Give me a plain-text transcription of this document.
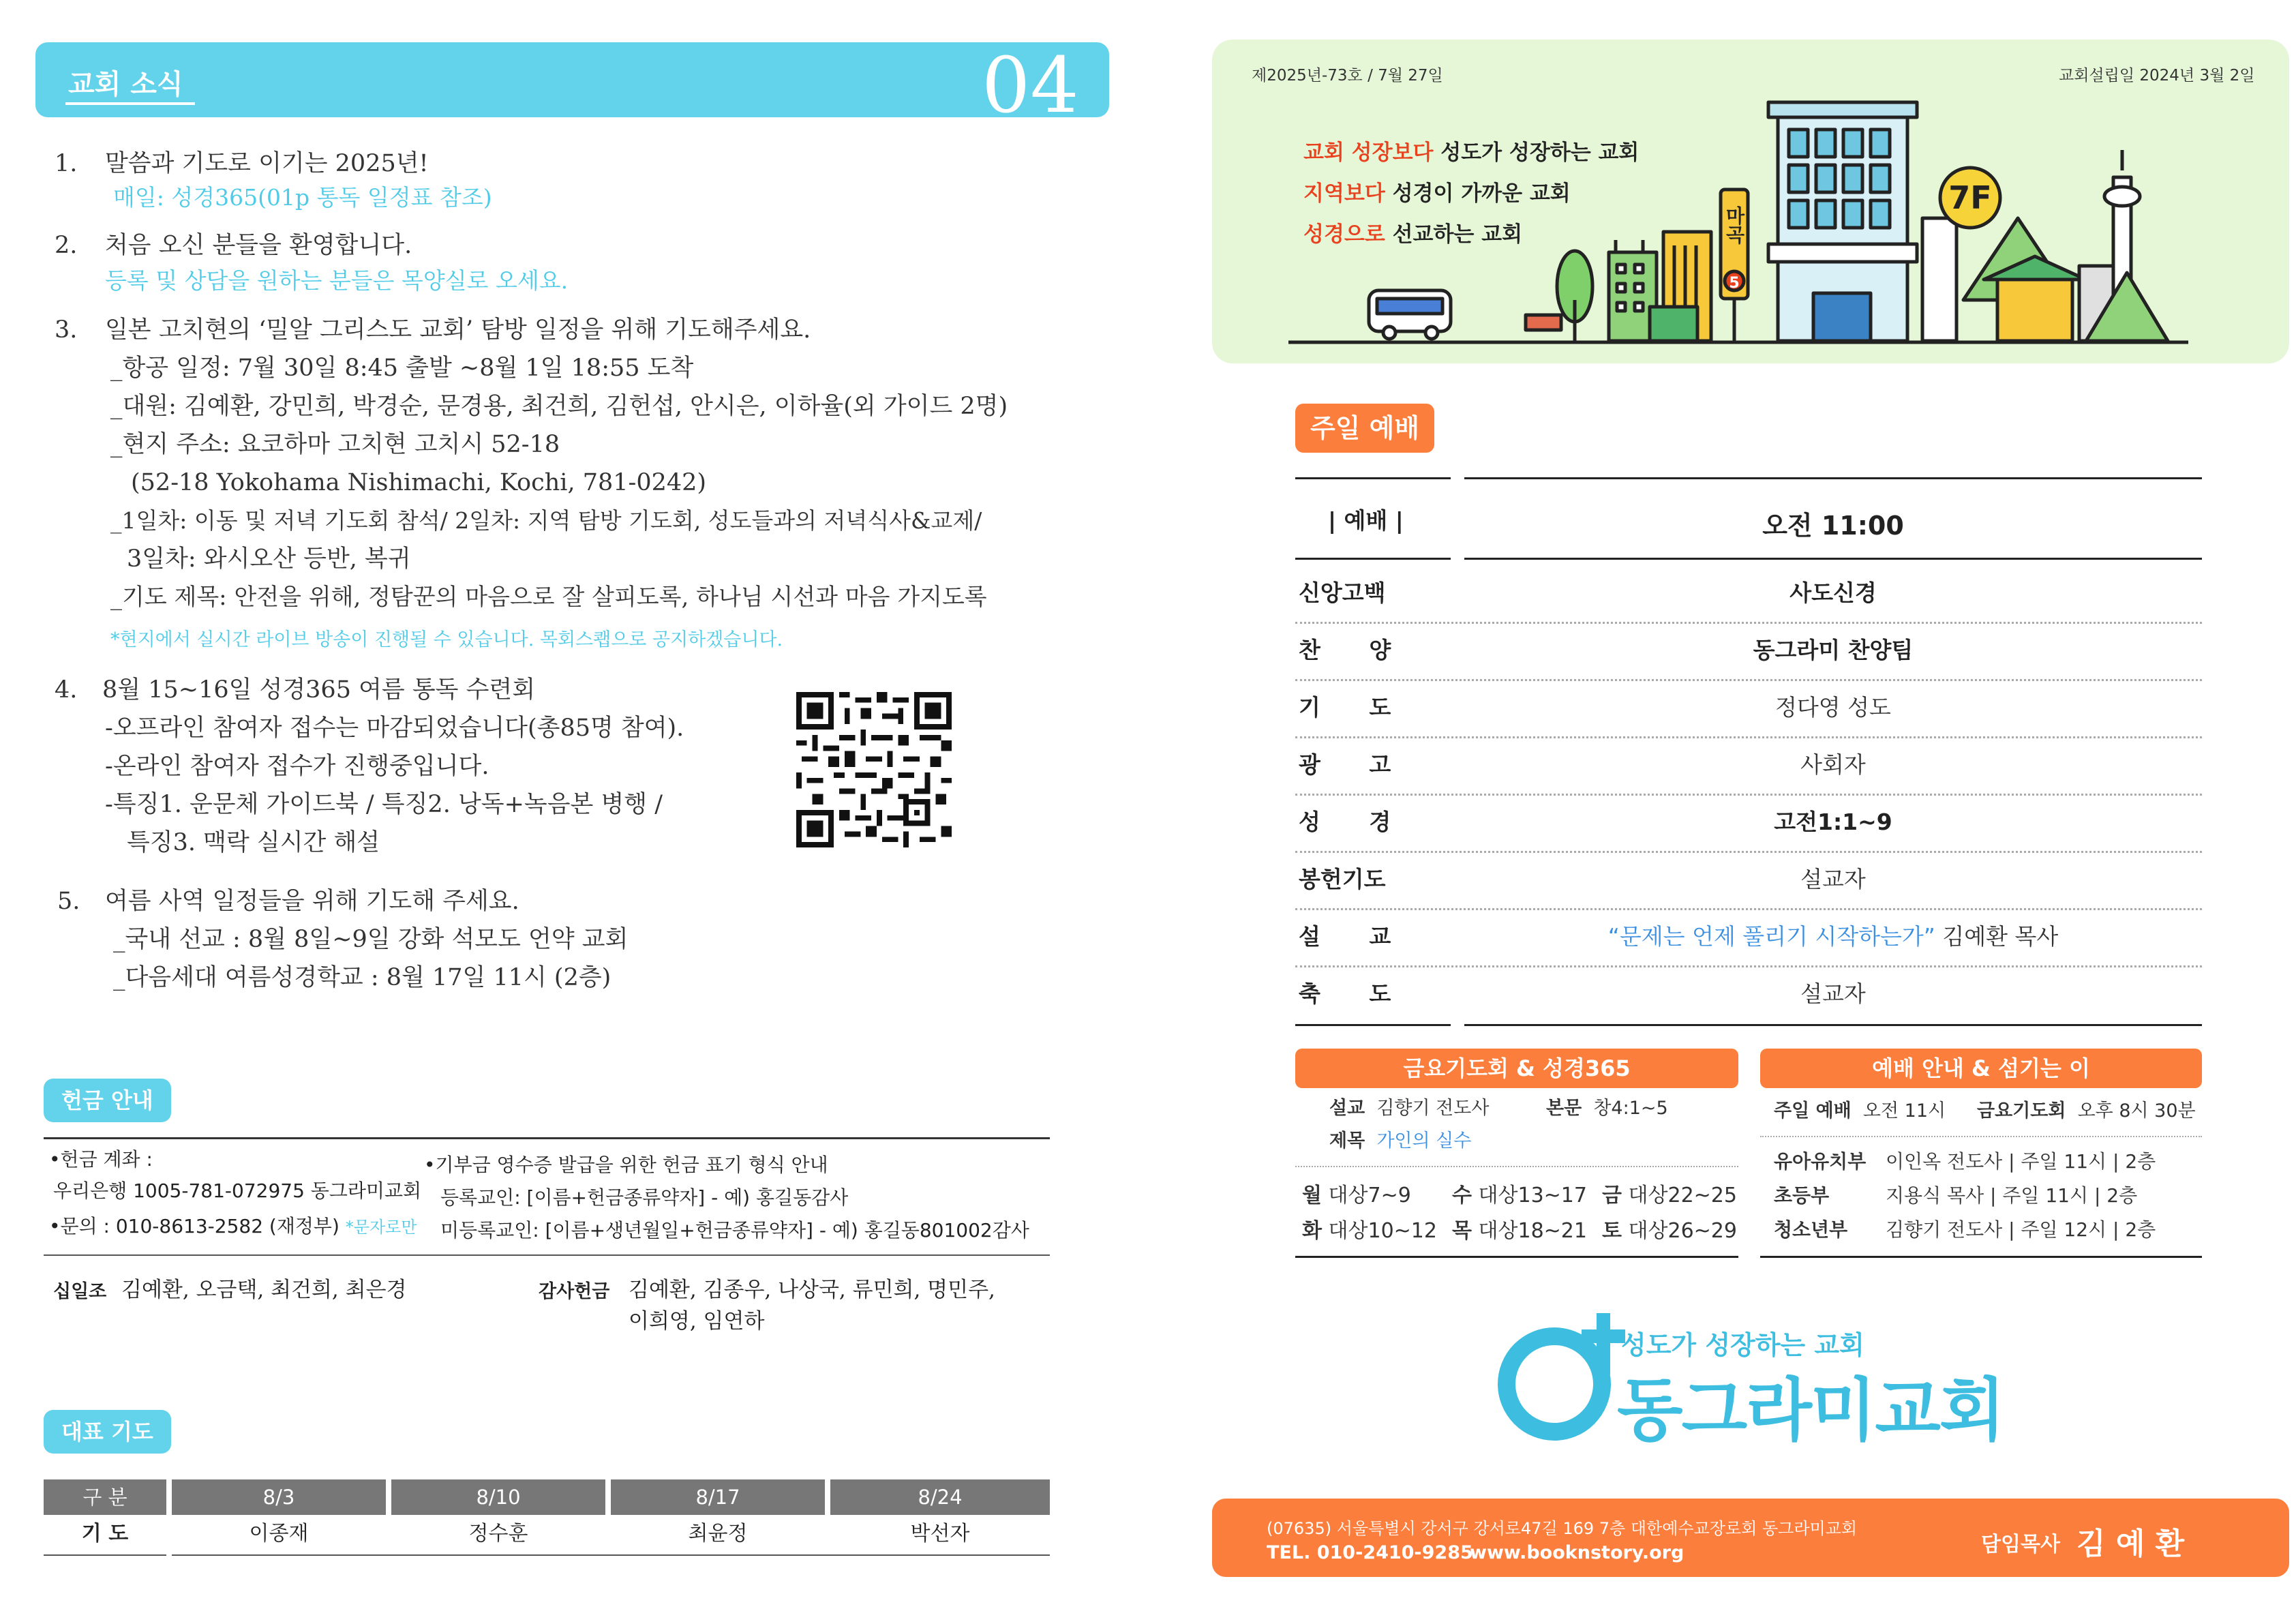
교회 소식	04
1. 말씀과 기도로 이기는 2025년!
매일: 성경365(01p 통독 일정표 참조)
2. 처음 오신 분들을 환영합니다.
등록 및 상담을 원하는 분들은 목양실로 오세요.
3. 일본 고치현의 ‘밀알 그리스도 교회’ 탐방 일정을 위해 기도해주세요.
_항공 일정: 7월 30일 8:45 출발 ~8월 1일 18:55 도착
_대원: 김예환, 강민희, 박경순, 문경용, 최건희, 김헌섭, 안시은, 이하율(외 가이드 2명)
_현지 주소: 요코하마 고치현 고치시 52-18
(52-18 Yokohama Nishimachi, Kochi, 781-0242)
_1일차: 이동 및 저녁 기도회 참석/ 2일차: 지역 탐방 기도회, 성도들과의 저녁식사&교제/
3일차: 와시오산 등반, 복귀
_기도 제목: 안전을 위해, 정탐꾼의 마음으로 잘 살피도록, 하나님 시선과 마음 가지도록
*현지에서 실시간 라이브 방송이 진행될 수 있습니다. 목회스쾝으로 공지하겠습니다.
4. 8월 15~16일 성경365 여름 통독 수련회
-오프라인 참여자 접수는 마감되었습니다(총85명 참여).
-온라인 참여자 접수가 진행중입니다.
-특징1. 운문체 가이드북 / 특징2. 낭독+녹음본 병행 /
특징3. 맥락 실시간 해설
5. 여름 사역 일정들을 위해 기도해 주세요.
_국내 선교 : 8월 8일~9일 강화 석모도 언약 교회
_다음세대 여름성경학교 : 8월 17일 11시 (2층)
헌금 안내
•헌금 계좌 :
우리은행 1005-781-072975 동그라미교회
•문의 : 010-8613-2582 (재정부) *문자로만
•기부금 영수증 발급을 위한 헌금 표기 형식 안내
등록교인: [이름+헌금종류약자] - 예) 홍길동감사
미등록교인: [이름+생년월일+헌금종류약자] - 예) 홍길동801002감사
십일조 김예환, 오금택, 최건희, 최은경	감사헌금 김예환, 김종우, 나상국, 류민희, 명민주,
이희영, 임연하
대표 기도
구 분	8/3	8/10	8/17	8/24
기 도	이종재	정수훈	최윤정	박선자
제2025년-73호 / 7월 27일	교회설립일 2024년 3월 2일
교회 성장보다 성도가 성장하는 교회
지역보다 성경이 가까운 교회
성경으로 선교하는 교회
7F
마곡
5
주일 예배
| 예배 |	오전 11:00
신앙고백	사도신경
찬 양	동그라미 찬양팀
기 도	정다영 성도
광 고	사회자
성 경	고전1:1~9
봉헌기도	설교자
설 교	“문제는 언제 풀리기 시작하는가” 김예환 목사
축 도	설교자
금요기도회 & 성경365
설교 김향기 전도사	본문 창4:1~5
제목 가인의 실수
월 대상7~9 수 대상13~17 금 대상22~25
화 대상10~12 목 대상18~21 토 대상26~29
예배 안내 & 섬기는 이
주일 예배 오전 11시 금요기도회 오후 8시 30분
유아유치부 이인옥 전도사 | 주일 11시 | 2층
초등부	지용식 목사 | 주일 11시 | 2층
청소년부 김향기 전도사 | 주일 12시 | 2층
성도가 성장하는 교회
동그라미교회
(07635) 서울특별시 강서구 강서로47길 169 7층 대한예수교장로회 동그라미교회
TEL. 010-2410-9285
www.booknstory.org	담임목사 김 예 환
